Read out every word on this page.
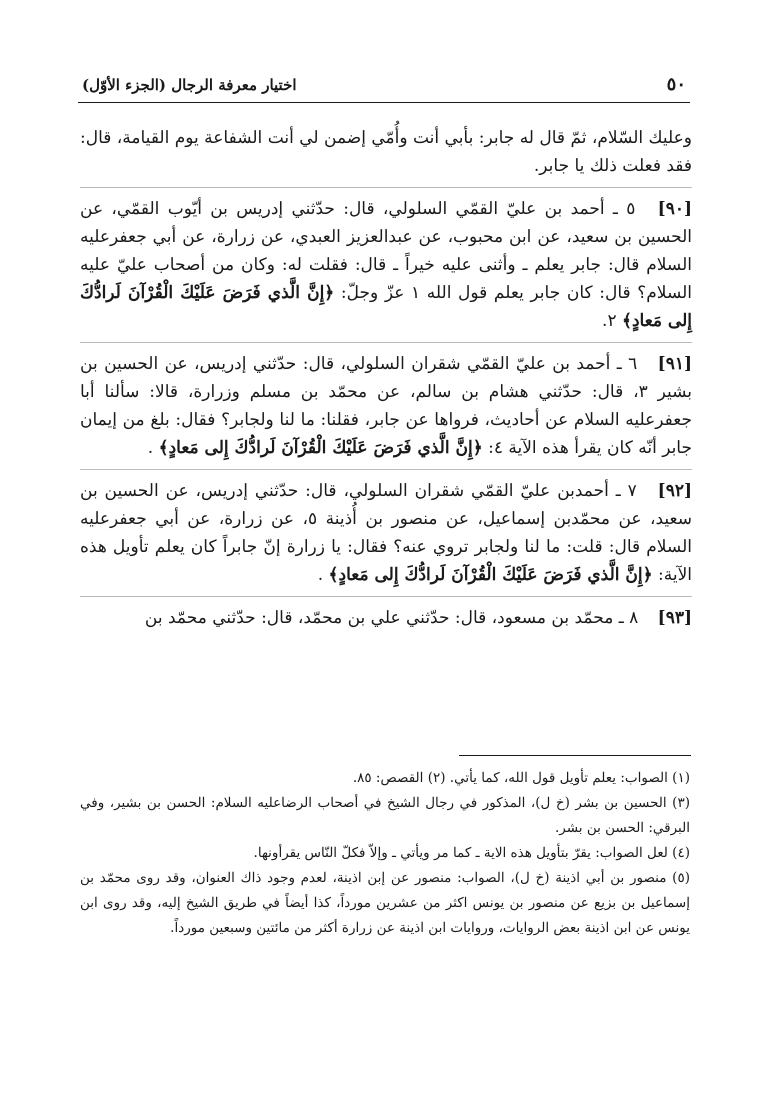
٥٠
اختيار معرفة الرجال (الجزء الأوّل)

وعليك السّلام، ثمّ قال له جابر: بأبي أنت وأُمّي إضمن لي أنت الشفاعة يوم القيامة، قال: فقد فعلت ذلك يا جابر.

[٩٠] ٥ ـ أحمد بن عليّ القمّي السلولي، قال: حدّثني إدريس بن أيّوب القمّي، عن الحسين بن سعيد، عن ابن محبوب، عن عبدالعزيز العبدي، عن زرارة، عن أبي جعفرعليه السلام قال: جابر يعلم ـ وأثنى عليه خيراً ـ قال: فقلت له: وكان من أصحاب عليّ عليه السلام؟ قال: كان جابر يعلم قول الله ١ عزّ وجلّ: ﴿إِنَّ الَّذي فَرَضَ عَلَيْكَ الْقُرْآنَ لَرادُّكَ إِلى مَعادٍ﴾ ٢.

[٩١] ٦ ـ أحمد بن عليّ القمّي شقران السلولي، قال: حدّثني إدريس، عن الحسين بن بشير ٣، قال: حدّثني هشام بن سالم، عن محمّد بن مسلم وزرارة، قالا: سألنا أبا جعفرعليه السلام عن أحاديث، فرواها عن جابر، فقلنا: ما لنا ولجابر؟ فقال: بلغ من إيمان جابر أنّه كان يقرأ هذه الآية ٤: ﴿إِنَّ الَّذي فَرَضَ عَلَيْكَ الْقُرْآنَ لَرادُّكَ إِلى مَعادٍ﴾ .

[٩٢] ٧ ـ أحمدبن عليّ القمّي شقران السلولي، قال: حدّثني إدريس، عن الحسين بن سعيد، عن محمّدبن إسماعيل، عن منصور بن أُذينة ٥، عن زرارة، عن أبي جعفرعليه السلام قال: قلت: ما لنا ولجابر تروي عنه؟ فقال: يا زرارة إنّ جابراً كان يعلم تأويل هذه الآية: ﴿إِنَّ الَّذي فَرَضَ عَلَيْكَ الْقُرْآنَ لَرادُّكَ إِلى مَعادٍ﴾ .

[٩٣] ٨ ـ محمّد بن مسعود، قال: حدّثني علي بن محمّد، قال: حدّثني محمّد بن

(١) الصواب: يعلم تأويل قول الله، كما يأتي. (٢) القصص: ٨٥.

(٣) الحسين بن بشر (خ ل)، المذكور في رجال الشيخ في أصحاب الرضاعليه السلام: الحسن بن بشير، وفي البرقي: الحسن بن بشر.

(٤) لعل الصواب: يقرّ بتأويل هذه الاية ـ كما مر ويأتي ـ وإلاّ فكلّ النّاس يقرأونها.

(٥) منصور بن أبي اذينة (خ ل)، الصواب: منصور عن إبن اذينة، لعدم وجود ذاك العنوان، وقد روى محمّد بن إسماعيل بن بزيع عن منصور بن يونس اكثر من عشرين مورداً، كذا أيضاً في طريق الشيخ إليه، وقد روى ابن يونس عن ابن اذينة بعض الروايات، وروايات ابن اذينة عن زرارة أكثر من مائتين وسبعين مورداً.
